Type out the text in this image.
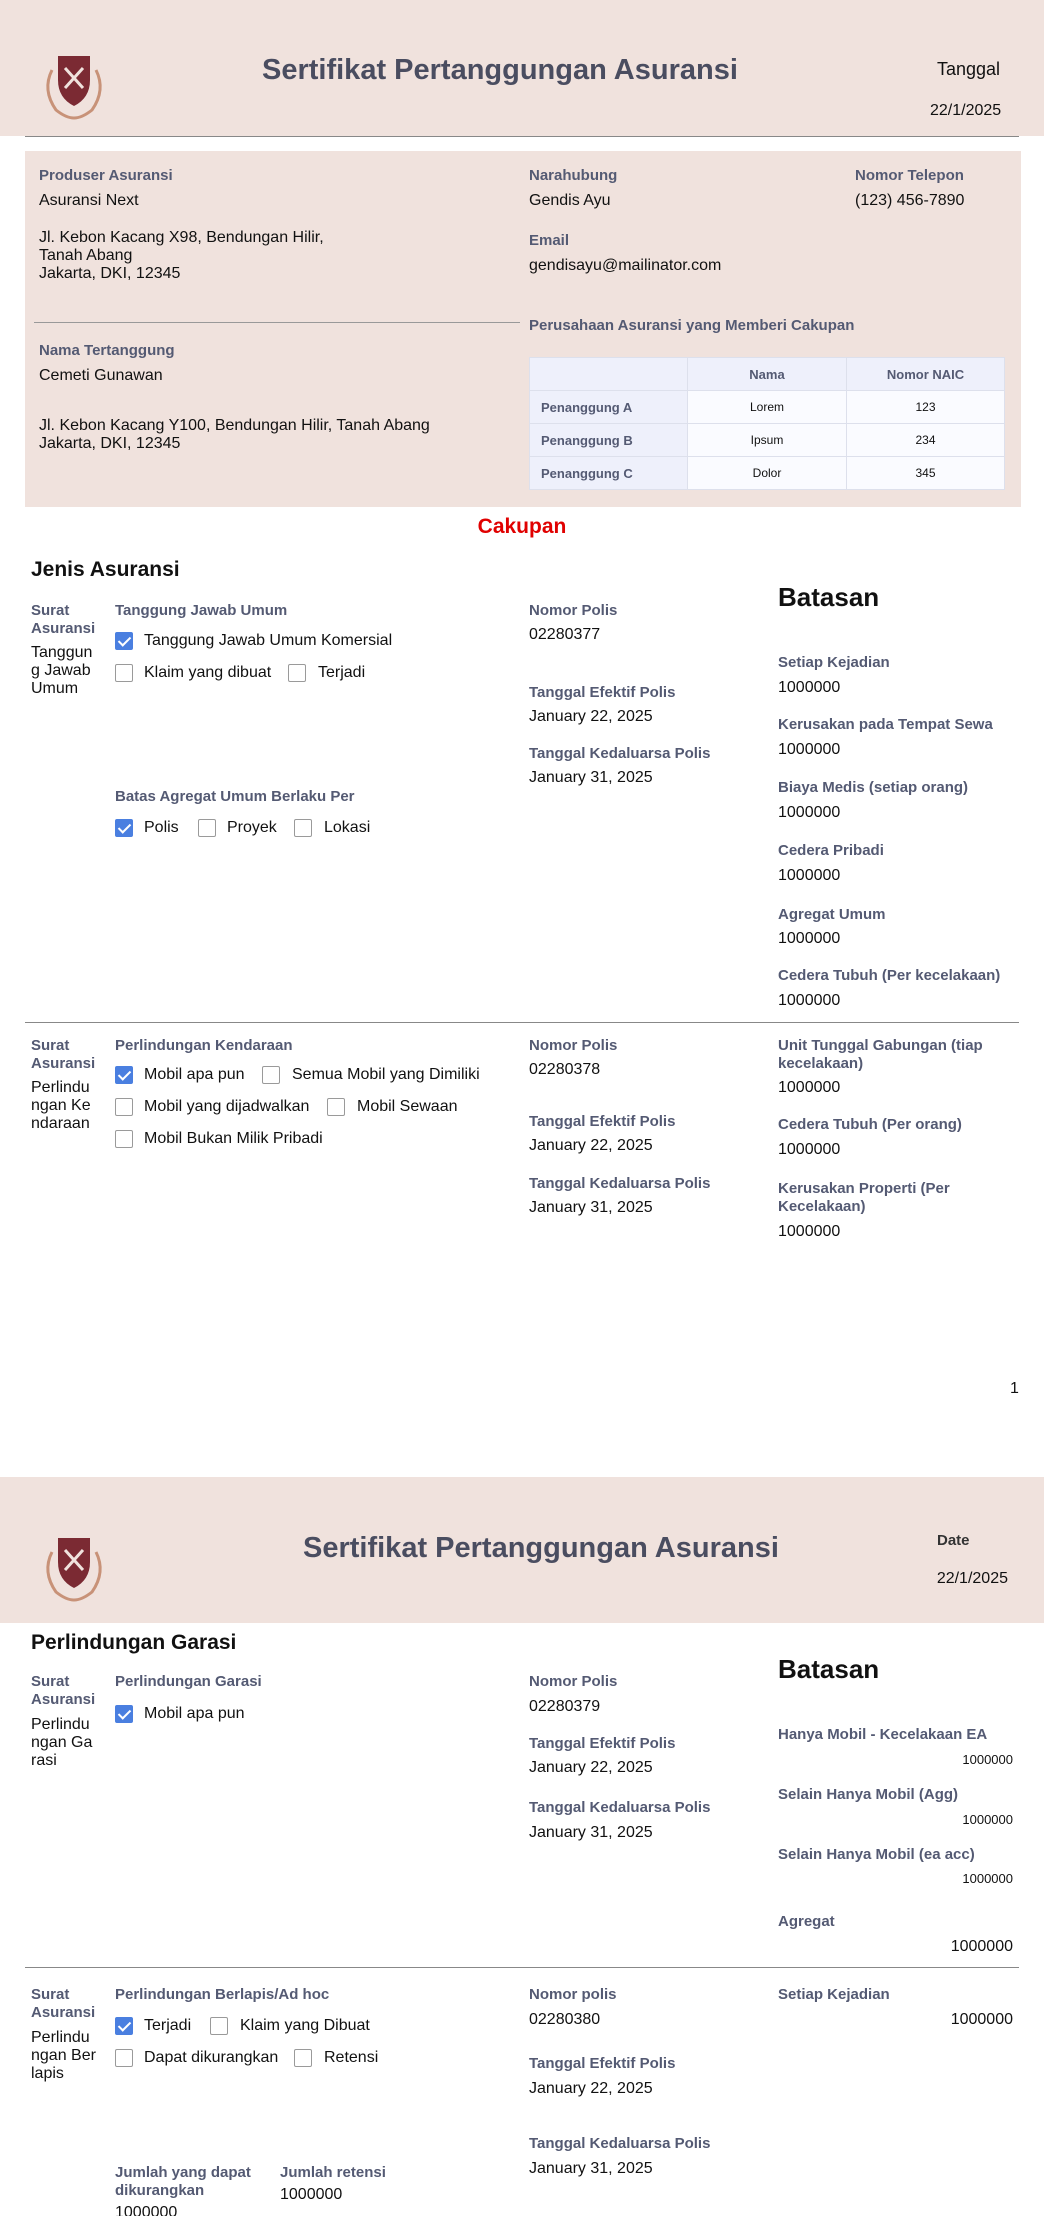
Sertifikat Pertanggungan Asuransi	Tanggal
22/1/2025
Produser Asuransi
Asuransi Next
Jl. Kebon Kacang X98, Bendungan Hilir,
Tanah Abang
Jakarta, DKI, 12345
Narahubung
Gendis Ayu
Email
gendisayu@mailinator.com
Nomor Telepon
(123) 456-7890
Nama Tertanggung
Cemeti Gunawan
Jl. Kebon Kacang Y100, Bendungan Hilir, Tanah Abang
Jakarta, DKI, 12345
Perusahaan Asuransi yang Memberi Cakupan
	Nama	Nomor NAIC
Penanggung A	Lorem	123
Penanggung B	Ipsum	234
Penanggung C	Dolor	345
Cakupan
Jenis Asuransi
Batasan
Surat Asuransi
Tanggung Jawab Umum
Tanggung Jawab Umum
Tanggung Jawab Umum Komersial
Klaim yang dibuat	Terjadi
Batas Agregat Umum Berlaku Per
Polis	Proyek	Lokasi
Nomor Polis
02280377
Tanggal Efektif Polis
January 22, 2025
Tanggal Kedaluarsa Polis
January 31, 2025
Setiap Kejadian
1000000
Kerusakan pada Tempat Sewa
1000000
Biaya Medis (setiap orang)
1000000
Cedera Pribadi
1000000
Agregat Umum
1000000
Cedera Tubuh (Per kecelakaan)
1000000
Surat Asuransi
Perlindungan Kendaraan
Perlindungan Kendaraan
Mobil apa pun	Semua Mobil yang Dimiliki
Mobil yang dijadwalkan	Mobil Sewaan
Mobil Bukan Milik Pribadi
Nomor Polis
02280378
Tanggal Efektif Polis
January 22, 2025
Tanggal Kedaluarsa Polis
January 31, 2025
Unit Tunggal Gabungan (tiap kecelakaan)
1000000
Cedera Tubuh (Per orang)
1000000
Kerusakan Properti (Per Kecelakaan)
1000000
1
Sertifikat Pertanggungan Asuransi	Date
22/1/2025
Perlindungan Garasi
Batasan
Surat Asuransi
Perlindungan Garasi
Perlindungan Garasi
Mobil apa pun
Nomor Polis
02280379
Tanggal Efektif Polis
January 22, 2025
Tanggal Kedaluarsa Polis
January 31, 2025
Hanya Mobil - Kecelakaan EA
1000000
Selain Hanya Mobil (Agg)
1000000
Selain Hanya Mobil (ea acc)
1000000
Agregat
1000000
Surat Asuransi
Perlindungan Berlapis
Perlindungan Berlapis/Ad hoc
Terjadi	Klaim yang Dibuat
Dapat dikurangkan	Retensi
Jumlah yang dapat dikurangkan
1000000
Jumlah retensi
1000000
Nomor polis
02280380
Tanggal Efektif Polis
January 22, 2025
Tanggal Kedaluarsa Polis
January 31, 2025
Setiap Kejadian
1000000
